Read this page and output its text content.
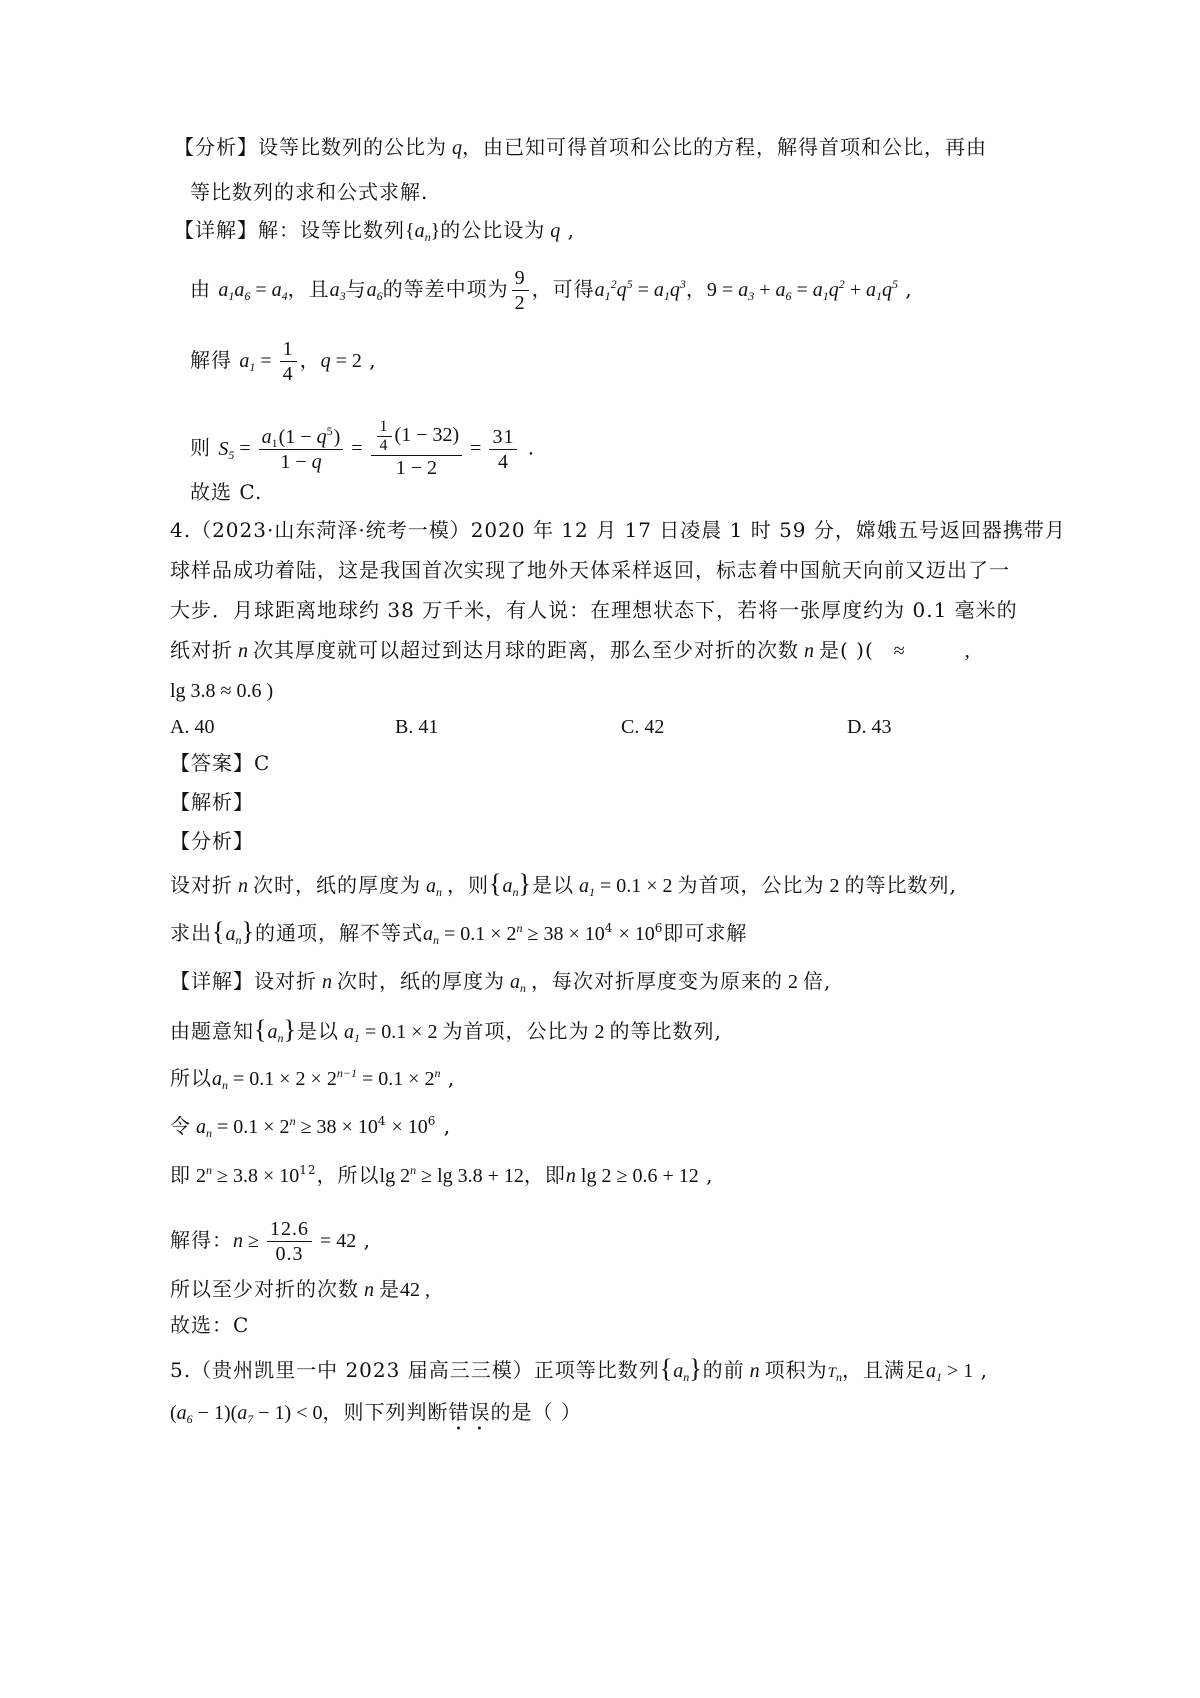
【分析】设等比数列的公比为 q，由已知可得首项和公比的方程，解得首项和公比，再由
等比数列的求和公式求解.
【详解】解：设等比数列$\{a_n\}$的公比设为 q ,
由 $a_1a_6 = a_4$，且$a_3$与$a_6$的等差中项为 $\frac{9}{2}$ ，可得$a_1^2q^5 = a_1q^3$，$9 = a_3 + a_6 = a_1q^2 + a_1q^5$ ,
解得 $a_1 = \frac{1}{4}$ ，q = 2 ,
则 $S_5 = \frac{a_1(1 - q^5)}{1 - q} = \frac{\frac{1}{4} (1 - 32)}{1 - 2} = \frac{31}{4}$ .
故选 C.
4.（2023·山东菏泽·统考一模）2020 年 12 月 17 日凌晨 1 时 59 分，嫦娥五号返回器携带月
球样品成功着陆，这是我国首次实现了地外天体采样返回，标志着中国航天向前又迈出了一
大步．月球距离地球约 38 万千米，有人说：在理想状态下，若将一张厚度约为 0.1 毫米的
纸对折 n 次其厚度就可以超过到达月球的距离，那么至少对折的次数 n 是( )( ≈	,
lg 3.8 ≈ 0.6 )
A. 40	B. 41	C. 42	D. 43
【答案】C
【解析】
【分析】
设对折 n 次时，纸的厚度为 $a_n$ ，则$\{a_n\}$是以 $a_1 = 0.1 \times 2$ 为首项，公比为 2 的等比数列,
求出$\{a_n\}$的通项，解不等式$a_n = 0.1 \times 2^n \ge 38 \times 10^4 \times 10^6$即可求解
【详解】设对折 n 次时，纸的厚度为 $a_n$ ，每次对折厚度变为原来的 2 倍,
由题意知$\{a_n\}$是以 $a_1 = 0.1 \times 2$ 为首项，公比为 2 的等比数列,
所以$a_n = 0.1 \times 2 \times 2^{n-1} = 0.1 \times 2^n$ ,
令 $a_n = 0.1 \times 2^n \ge 38 \times 10^4 \times 10^6$ ,
即 $2^n \ge 3.8 \times 10^{12}$，所以$\lg 2^n \ge \lg 3.8 + 12$，即n lg 2 ≥ 0.6 + 12 ,
解得：$n \ge \frac{12.6}{0.3} = 42$ ,
所以至少对折的次数 n 是42 ,
故选：C
5.（贵州凯里一中 2023 届高三三模）正项等比数列$\{a_n\}$的前 n 项积为$T_n$，且满足$a_1 > 1$ ,
$(a_6 - 1)(a_7 - 1) < 0$，则下列判断错误的是（ ）
